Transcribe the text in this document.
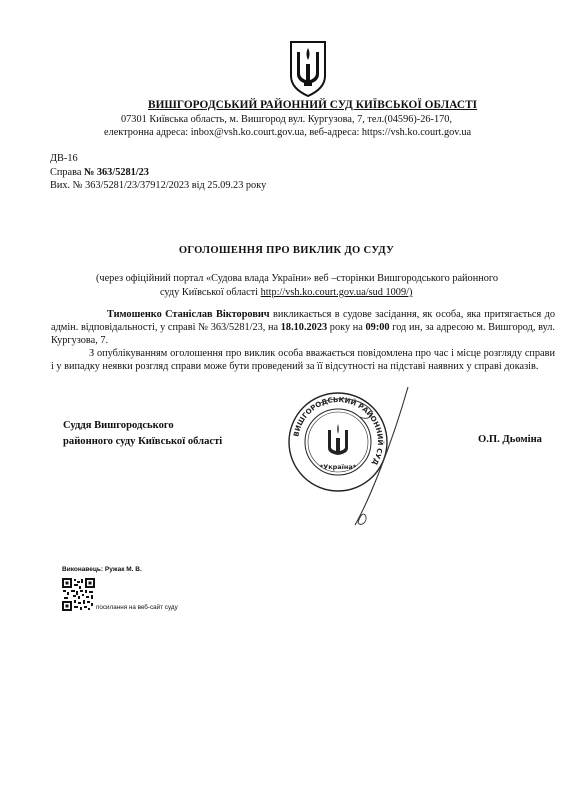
ВИШГОРОДСЬКИЙ РАЙОННИЙ СУД КИЇВСЬКОЇ ОБЛАСТІ
07301 Київська область, м. Вишгород вул. Кургузова, 7, тел.(04596)-26-170,
електронна адреса: inbox@vsh.ko.court.gov.ua, веб-адреса: https://vsh.ko.court.gov.ua
ДВ-16
Справа № 363/5281/23
Вих. № 363/5281/23/37912/2023 від 25.09.23 року
ОГОЛОШЕННЯ ПРО ВИКЛИК ДО СУДУ
(через офіційний портал «Судова влада України» веб –сторінки Вишгородського районного
суду Київської області http://vsh.ko.court.gov.ua/sud 1009/)

Тимошенко Станіслав Вікторович викликається в судове засідання, як особа, яка притягається до адмін. відповідальності, у справі № 363/5281/23, на 18.10.2023 року на 09:00 год ин, за адресою м. Вишгород, вул. Кургузова, 7.

З опублікуванням оголошення про виклик особа вважається повідомлена про час і місце розгляду справи і у випадку неявки розгляд справи може бути проведений за її відсутності на підставі наявних у справі доказів.

Суддя Вишгородського
районного суду Київської області	О.П. Дьоміна
ВИШГОРОДСЬКИЙ РАЙОННИЙ СУД
*Україна*
Виконавець: Ружак М. В.
посилання на веб-сайт суду
